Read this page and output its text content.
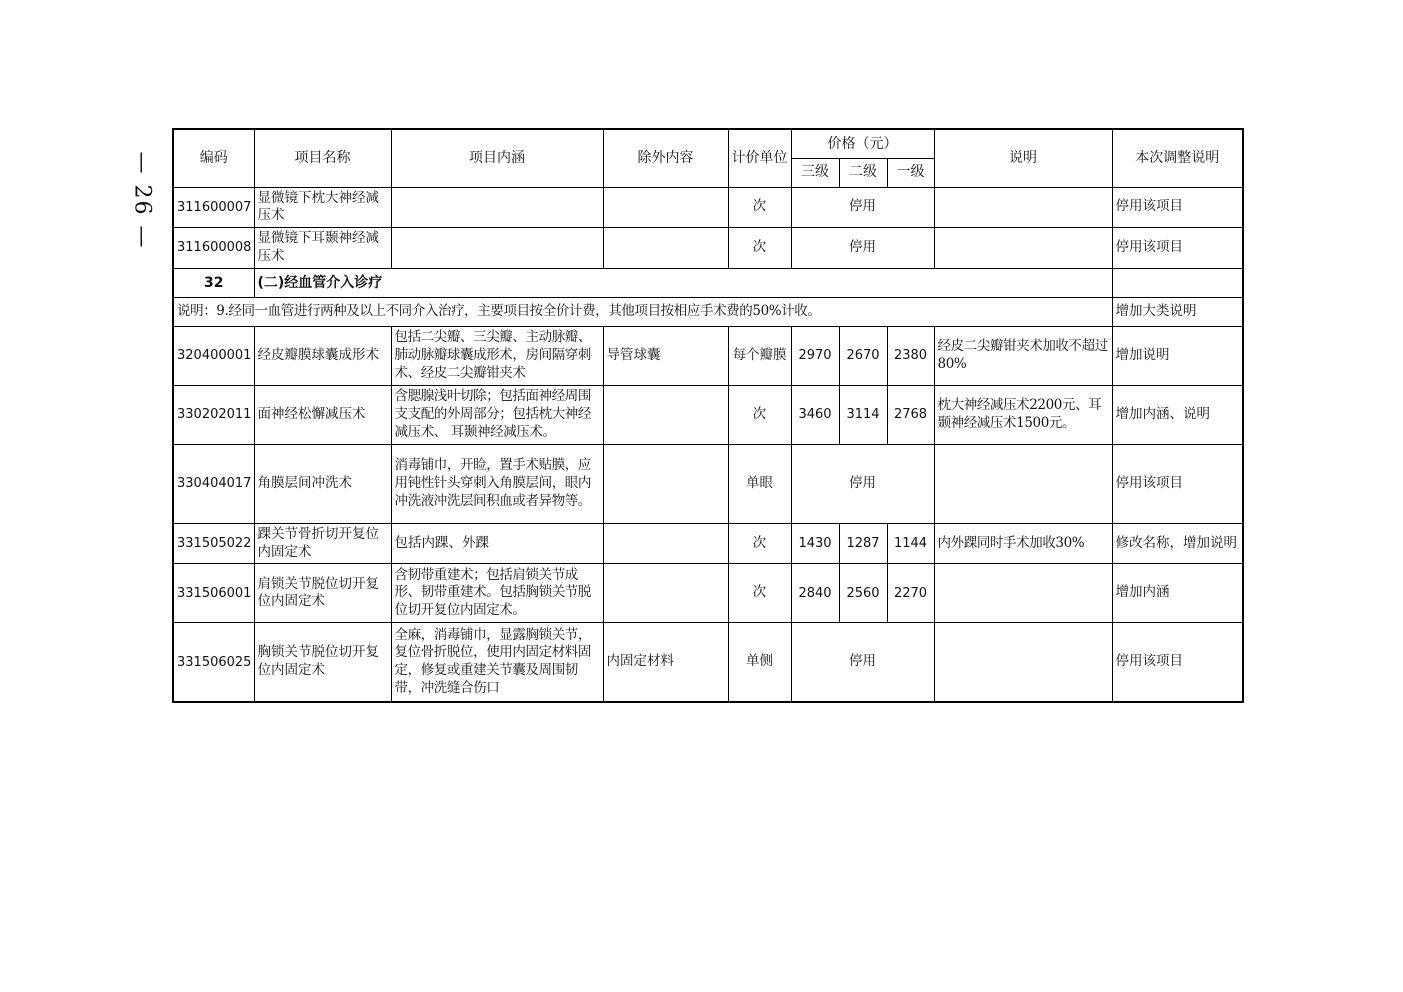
— 26 —	编码	项目名称	项目内涵	除外内容	计价单位	价格（元）			说明	本次调整说明
					三级	二级	一级		
311600007	显微镜下枕大神经减压术			次	停用				停用该项目
311600008	显微镜下耳颞神经减压术			次	停用				停用该项目
32	(二)经血管介入诊疗								
说明：9.经同一血管进行两种及以上不同介入治疗，主要项目按全价计费，其他项目按相应手术费的50%计收。									增加大类说明
320400001	经皮瓣膜球囊成形术	包括二尖瓣、三尖瓣、主动脉瓣、肺动脉瓣球囊成形术，房间隔穿刺术、经皮二尖瓣钳夹术	导管球囊	每个瓣膜	2970	2670	2380	经皮二尖瓣钳夹术加收不超过80%	增加说明
330202011	面神经松懈减压术	含腮腺浅叶切除；包括面神经周围支支配的外周部分；包括枕大神经减压术、 耳颞神经减压术。		次	3460	3114	2768	枕大神经减压术2200元、耳颞神经减压术1500元。	增加内涵、说明
330404017	角膜层间冲洗术	消毒铺巾，开睑，置手术贴膜，应用钝性针头穿刺入角膜层间，眼内冲洗液冲洗层间积血或者异物等。		单眼	停用				停用该项目
331505022	踝关节骨折切开复位内固定术	包括内踝、外踝		次	1430	1287	1144	内外踝同时手术加收30%	修改名称，增加说明
331506001	肩锁关节脱位切开复位内固定术	含韧带重建术；包括肩锁关节成形、韧带重建术。包括胸锁关节脱位切开复位内固定术。		次	2840	2560	2270		增加内涵
331506025	胸锁关节脱位切开复位内固定术	全麻，消毒铺巾，显露胸锁关节，复位骨折脱位，使用内固定材料固定，修复或重建关节囊及周围韧带，冲洗缝合伤口	内固定材料	单侧	停用				停用该项目
